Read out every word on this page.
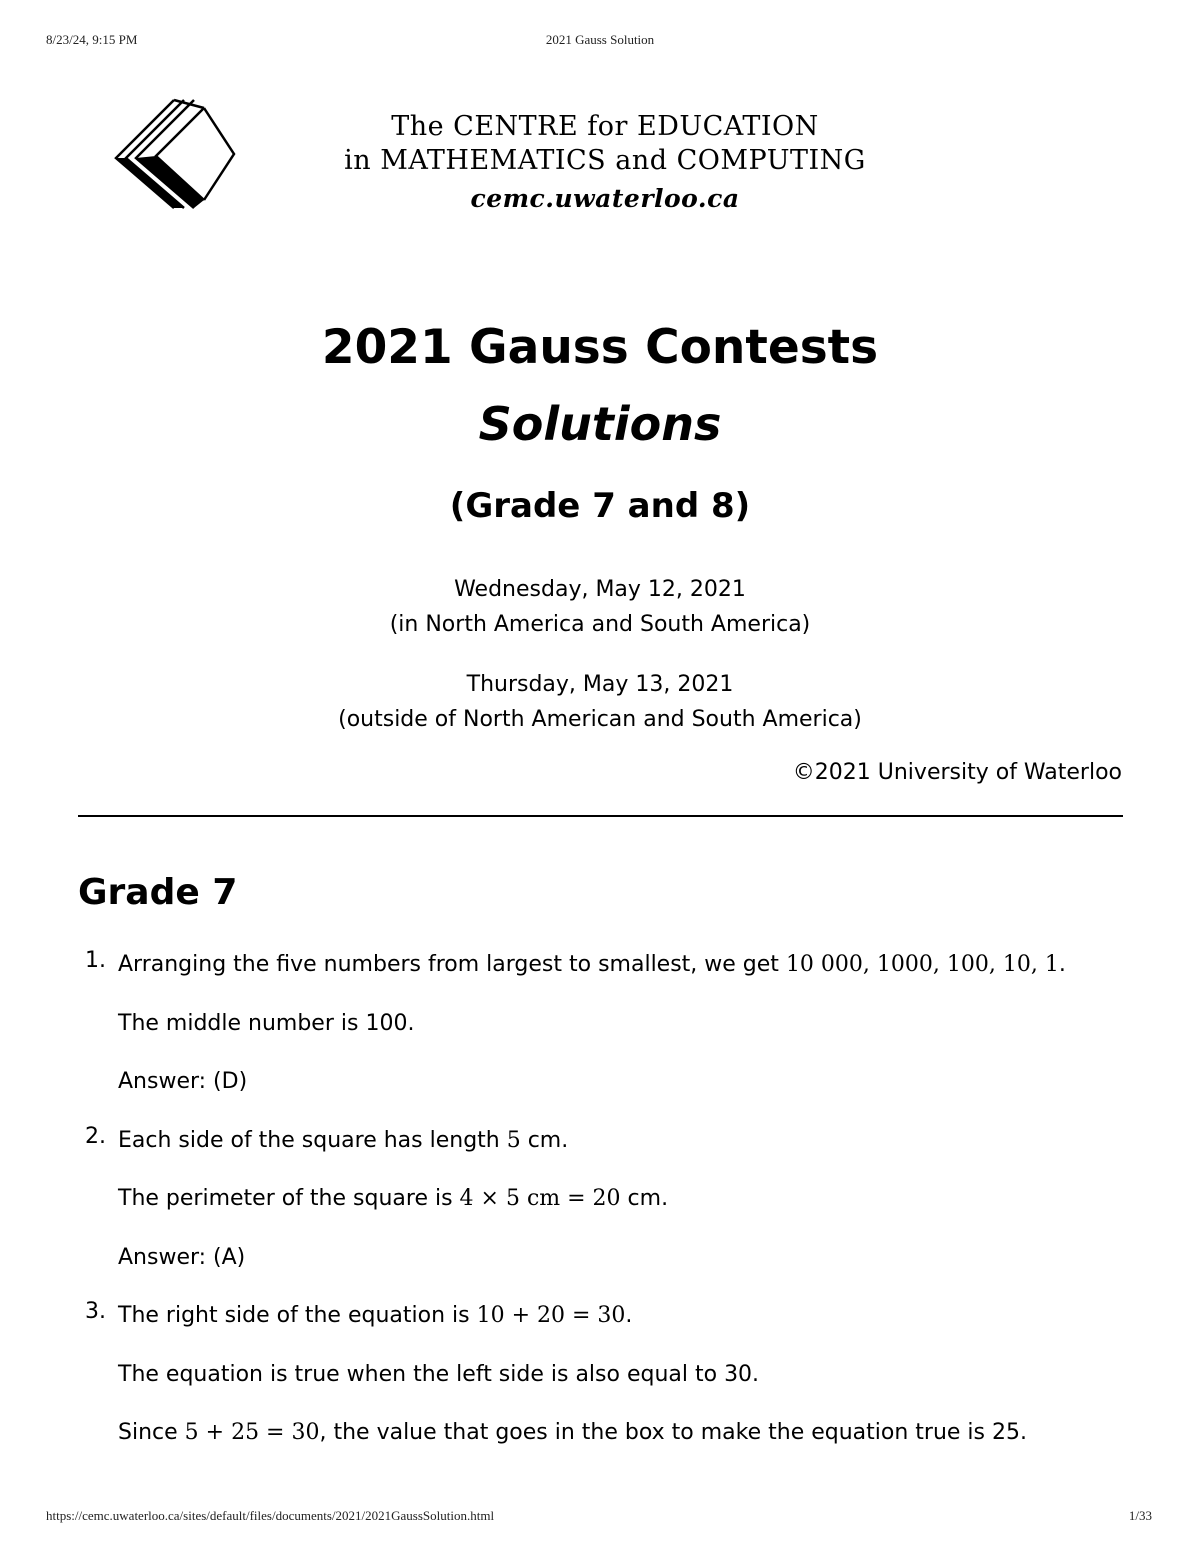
8/23/24, 9:15 PM	2021 Gauss Solution
The CENTRE for EDUCATION
in MATHEMATICS and COMPUTING
cemc.uwaterloo.ca
2021 Gauss Contests
Solutions
(Grade 7 and 8)
Wednesday, May 12, 2021
(in North America and South America)
Thursday, May 13, 2021
(outside of North American and South America)
©2021 University of Waterloo
Grade 7
1. Arranging the five numbers from largest to smallest, we get 10 000, 1000, 100, 10, 1.

The middle number is 100.

Answer: (D)

2. Each side of the square has length 5 cm.

The perimeter of the square is 4 × 5 cm = 20 cm.

Answer: (A)

3. The right side of the equation is 10 + 20 = 30.

The equation is true when the left side is also equal to 30.

Since 5 + 25 = 30, the value that goes in the box to make the equation true is 25.

https://cemc.uwaterloo.ca/sites/default/files/documents/2021/2021GaussSolution.html	1/33
